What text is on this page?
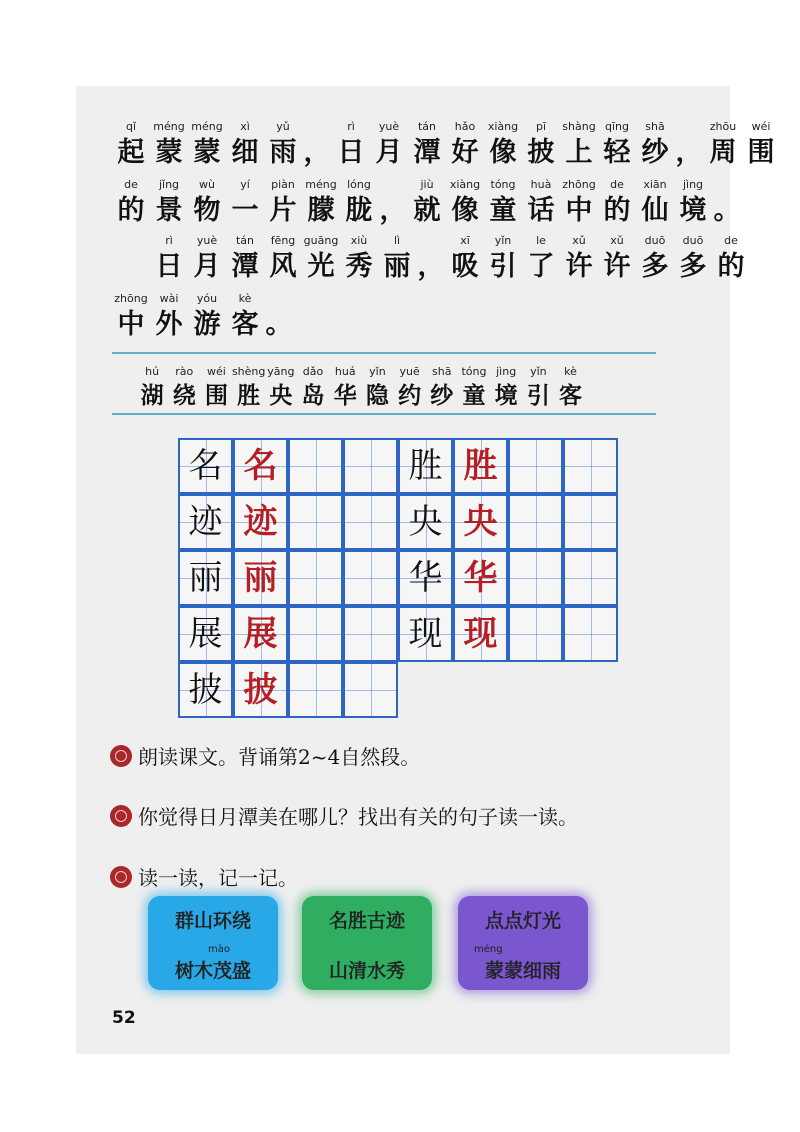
qǐ
起
méng
蒙
méng
蒙
xì
细
yǔ
雨 ，
rì
日
yuè
月
tán
潭
hǎo
好
xiàng
像
pī
披
shàng
上
qīng
轻
shā
纱 ，
zhōu
周
wéi
围
de
的
jǐng
景
wù
物
yí
一
piàn
片
méng
朦
lóng
胧 ，
jiù
就
xiàng
像
tóng
童
huà
话
zhōng
中
de
的
xiān
仙
jìng
境 。
rì
日
yuè
月
tán
潭
fēng
风
guāng
光
xiù
秀
lì
丽 ，
xī
吸
yǐn
引
le
了
xǔ
许
xǔ
许
duō
多
duō
多
de
的
zhōng
中
wài
外
yóu
游
kè
客 。
hú
湖
rào
绕
wéi
围
shèng
胜
yāng
央
dǎo
岛
huá
华
yǐn
隐
yuē
约
shā
纱
tóng
童
jìng
境
yǐn
引
kè
客
名 名
迹 迹
丽 丽
展 展
披 披
胜 胜
央 央
华 华
现 现
朗读课文。背诵第2~4自然段。
你觉得日月潭美在哪儿？找出有关的句子读一读。
读一读，记一记。
群山环绕
mào
树木茂盛
名胜古迹
山清水秀
点点灯光
méng
蒙蒙细雨
52
